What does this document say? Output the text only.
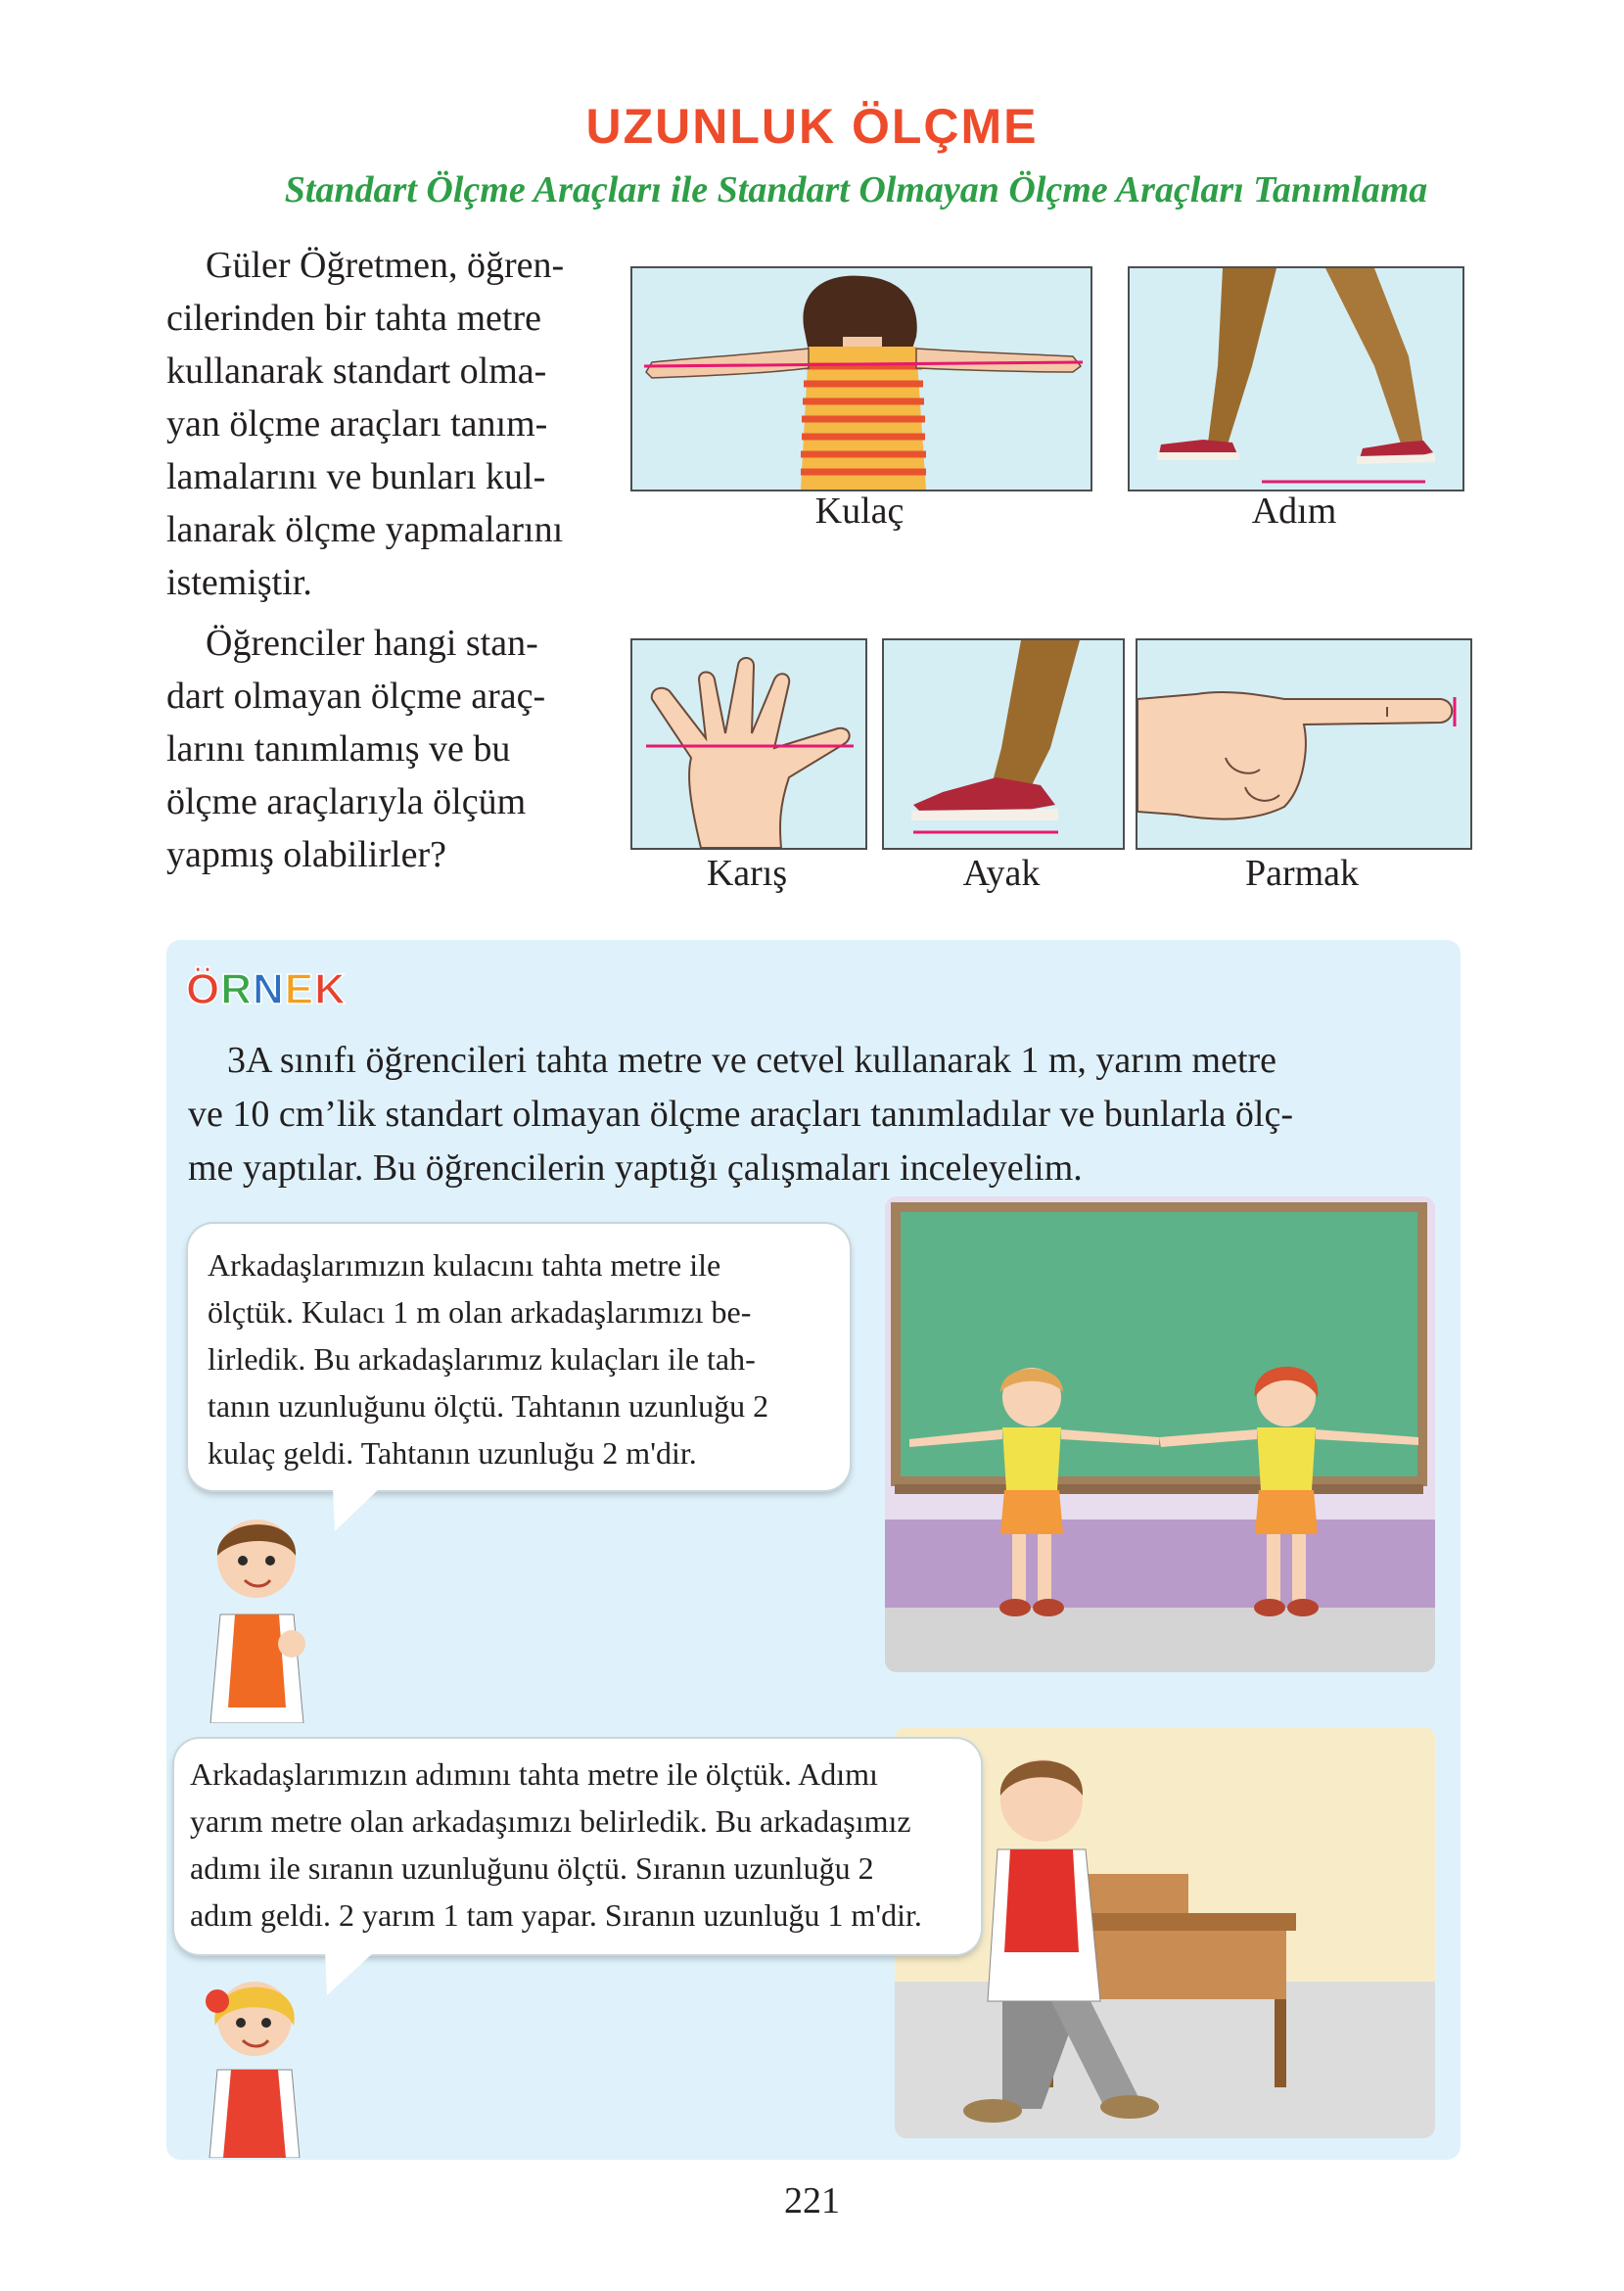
UZUNLUK ÖLÇME
Standart Ölçme Araçları ile Standart Olmayan Ölçme Araçları Tanımlama
Güler Öğretmen, öğren-
cilerinden bir tahta metre
kullanarak standart olma-
yan ölçme araçları tanım-
lamalarını ve bunları kul-
lanarak ölçme yapmalarını
istemiştir.
Öğrenciler hangi stan-
dart olmayan ölçme araç-
larını tanımlamış ve bu
ölçme araçlarıyla ölçüm
yapmış olabilirler?
Kulaç	Adım
Karış	Ayak	Parmak
ÖRNEK
3A sınıfı öğrencileri tahta metre ve cetvel kullanarak 1 m, yarım metre
ve 10 cm’lik standart olmayan ölçme araçları tanımladılar ve bunlarla ölç-
me yaptılar. Bu öğrencilerin yaptığı çalışmaları inceleyelim.
Arkadaşlarımızın kulacını tahta metre ile
ölçtük. Kulacı 1 m olan arkadaşlarımızı be-
lirledik. Bu arkadaşlarımız kulaçları ile tah-
tanın uzunluğunu ölçtü. Tahtanın uzunluğu 2
kulaç geldi. Tahtanın uzunluğu 2 m'dir.
Arkadaşlarımızın adımını tahta metre ile ölçtük. Adımı
yarım metre olan arkadaşımızı belirledik. Bu arkadaşımız
adımı ile sıranın uzunluğunu ölçtü. Sıranın uzunluğu 2
adım geldi. 2 yarım 1 tam yapar. Sıranın uzunluğu 1 m'dir.
221
